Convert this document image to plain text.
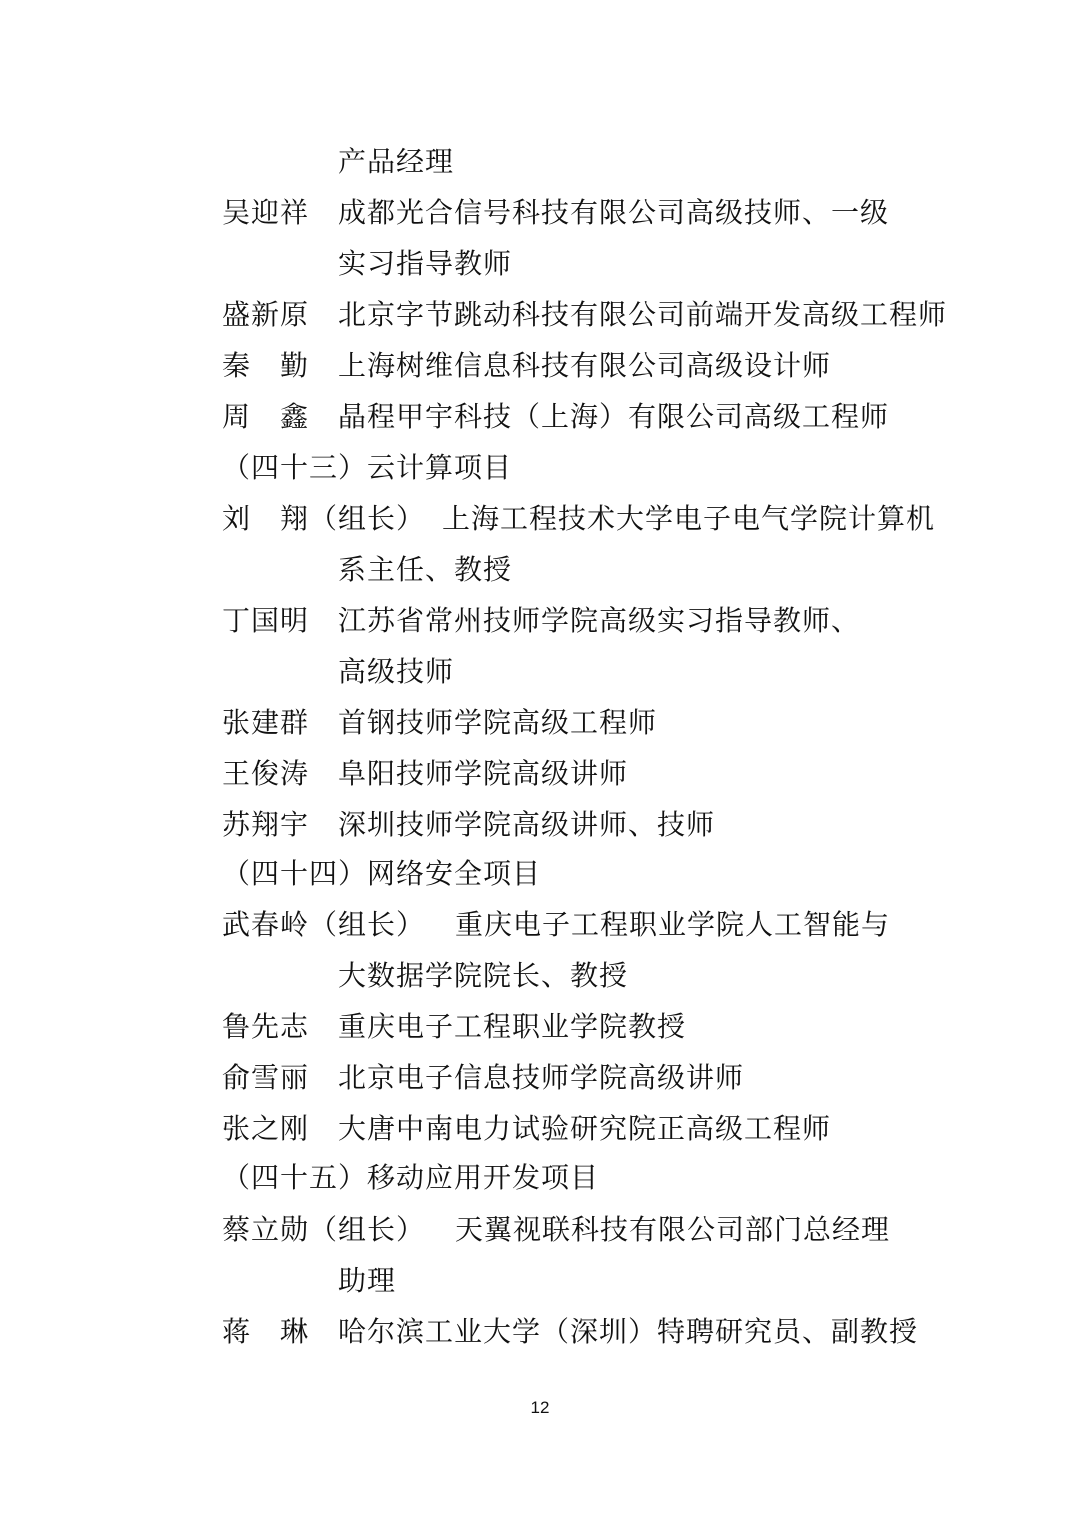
产品经理
吴迎祥 成都光合信号科技有限公司高级技师、一级
实习指导教师
盛新原 北京字节跳动科技有限公司前端开发高级工程师
秦　勤 上海树维信息科技有限公司高级设计师
周　鑫 晶程甲宇科技（上海）有限公司高级工程师
（四十三）云计算项目
刘　翔（组长） 上海工程技术大学电子电气学院计算机
系主任、教授
丁国明 江苏省常州技师学院高级实习指导教师、
高级技师
张建群 首钢技师学院高级工程师
王俊涛 阜阳技师学院高级讲师
苏翔宇 深圳技师学院高级讲师、技师
（四十四）网络安全项目
武春岭（组长） 重庆电子工程职业学院人工智能与
大数据学院院长、教授
鲁先志 重庆电子工程职业学院教授
俞雪丽 北京电子信息技师学院高级讲师
张之刚 大唐中南电力试验研究院正高级工程师
（四十五）移动应用开发项目
蔡立勋（组长） 天翼视联科技有限公司部门总经理
助理
蒋　琳 哈尔滨工业大学（深圳）特聘研究员、副教授
12
